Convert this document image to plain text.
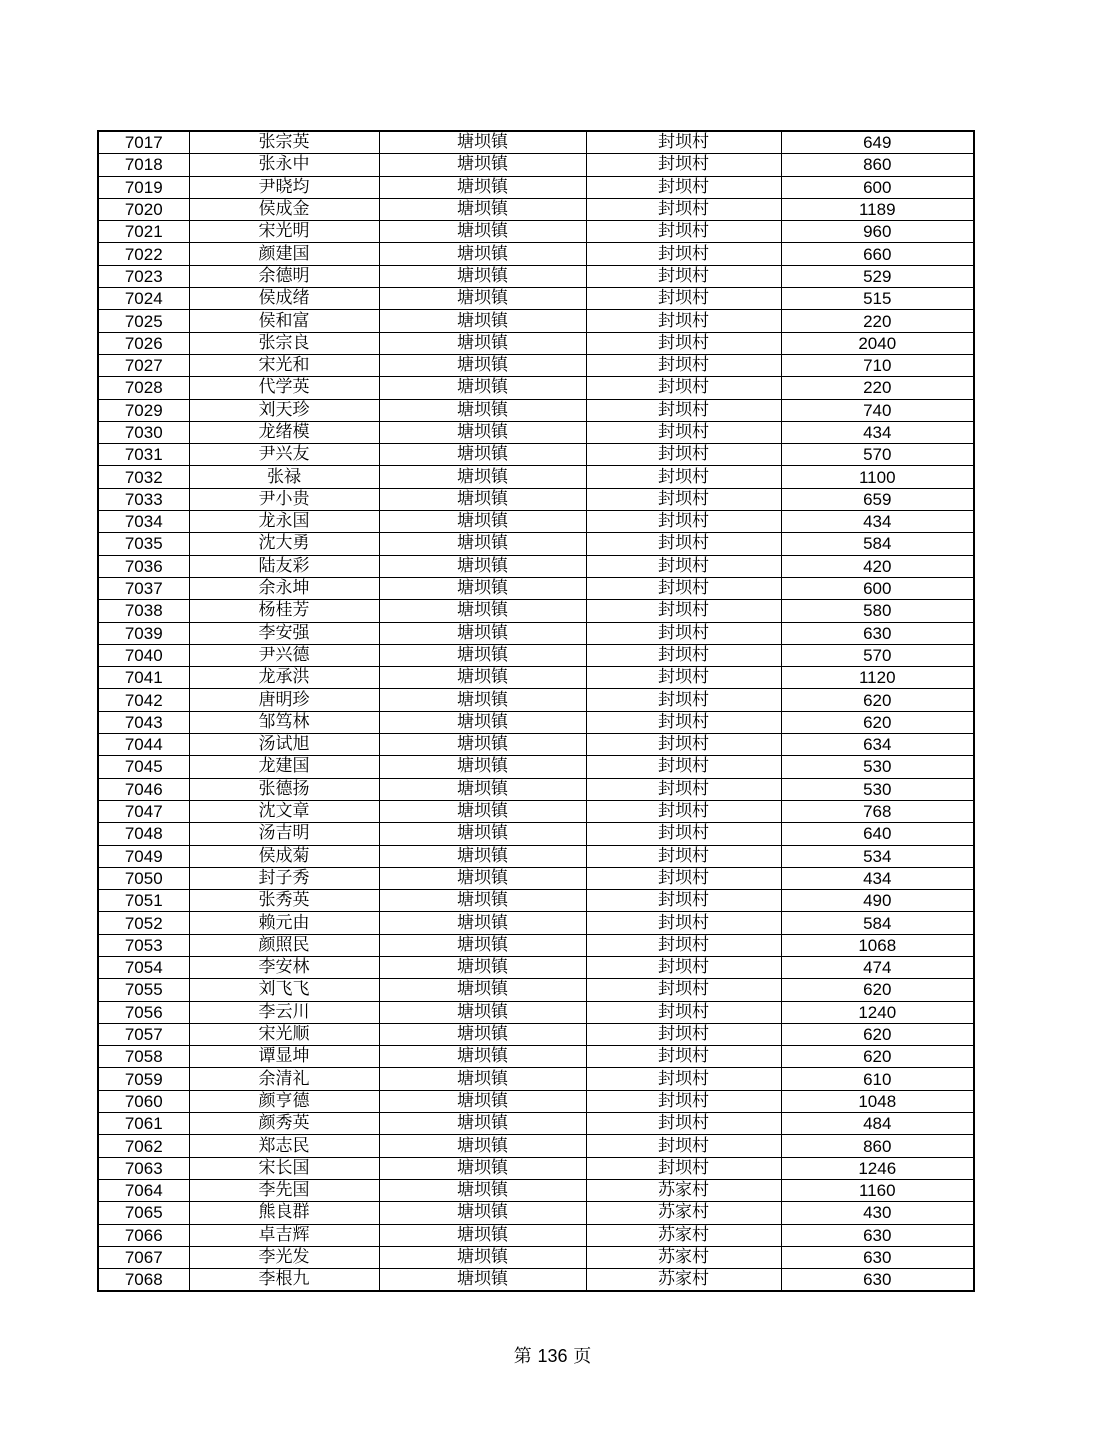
7017	张宗英	塘坝镇	封坝村	649
7018	张永中	塘坝镇	封坝村	860
7019	尹晓均	塘坝镇	封坝村	600
7020	侯成金	塘坝镇	封坝村	1189
7021	宋光明	塘坝镇	封坝村	960
7022	颜建国	塘坝镇	封坝村	660
7023	余德明	塘坝镇	封坝村	529
7024	侯成绪	塘坝镇	封坝村	515
7025	侯和富	塘坝镇	封坝村	220
7026	张宗良	塘坝镇	封坝村	2040
7027	宋光和	塘坝镇	封坝村	710
7028	代学英	塘坝镇	封坝村	220
7029	刘天珍	塘坝镇	封坝村	740
7030	龙绪模	塘坝镇	封坝村	434
7031	尹兴友	塘坝镇	封坝村	570
7032	张禄	塘坝镇	封坝村	1100
7033	尹小贵	塘坝镇	封坝村	659
7034	龙永国	塘坝镇	封坝村	434
7035	沈大勇	塘坝镇	封坝村	584
7036	陆友彩	塘坝镇	封坝村	420
7037	余永坤	塘坝镇	封坝村	600
7038	杨桂芳	塘坝镇	封坝村	580
7039	李安强	塘坝镇	封坝村	630
7040	尹兴德	塘坝镇	封坝村	570
7041	龙承洪	塘坝镇	封坝村	1120
7042	唐明珍	塘坝镇	封坝村	620
7043	邹笃林	塘坝镇	封坝村	620
7044	汤试旭	塘坝镇	封坝村	634
7045	龙建国	塘坝镇	封坝村	530
7046	张德扬	塘坝镇	封坝村	530
7047	沈文章	塘坝镇	封坝村	768
7048	汤吉明	塘坝镇	封坝村	640
7049	侯成菊	塘坝镇	封坝村	534
7050	封子秀	塘坝镇	封坝村	434
7051	张秀英	塘坝镇	封坝村	490
7052	赖元由	塘坝镇	封坝村	584
7053	颜照民	塘坝镇	封坝村	1068
7054	李安林	塘坝镇	封坝村	474
7055	刘飞飞	塘坝镇	封坝村	620
7056	李云川	塘坝镇	封坝村	1240
7057	宋光顺	塘坝镇	封坝村	620
7058	谭显坤	塘坝镇	封坝村	620
7059	余清礼	塘坝镇	封坝村	610
7060	颜亨德	塘坝镇	封坝村	1048
7061	颜秀英	塘坝镇	封坝村	484
7062	郑志民	塘坝镇	封坝村	860
7063	宋长国	塘坝镇	封坝村	1246
7064	李先国	塘坝镇	苏家村	1160
7065	熊良群	塘坝镇	苏家村	430
7066	卓吉辉	塘坝镇	苏家村	630
7067	李光发	塘坝镇	苏家村	630
7068	李根九	塘坝镇	苏家村	630
第 136 页
